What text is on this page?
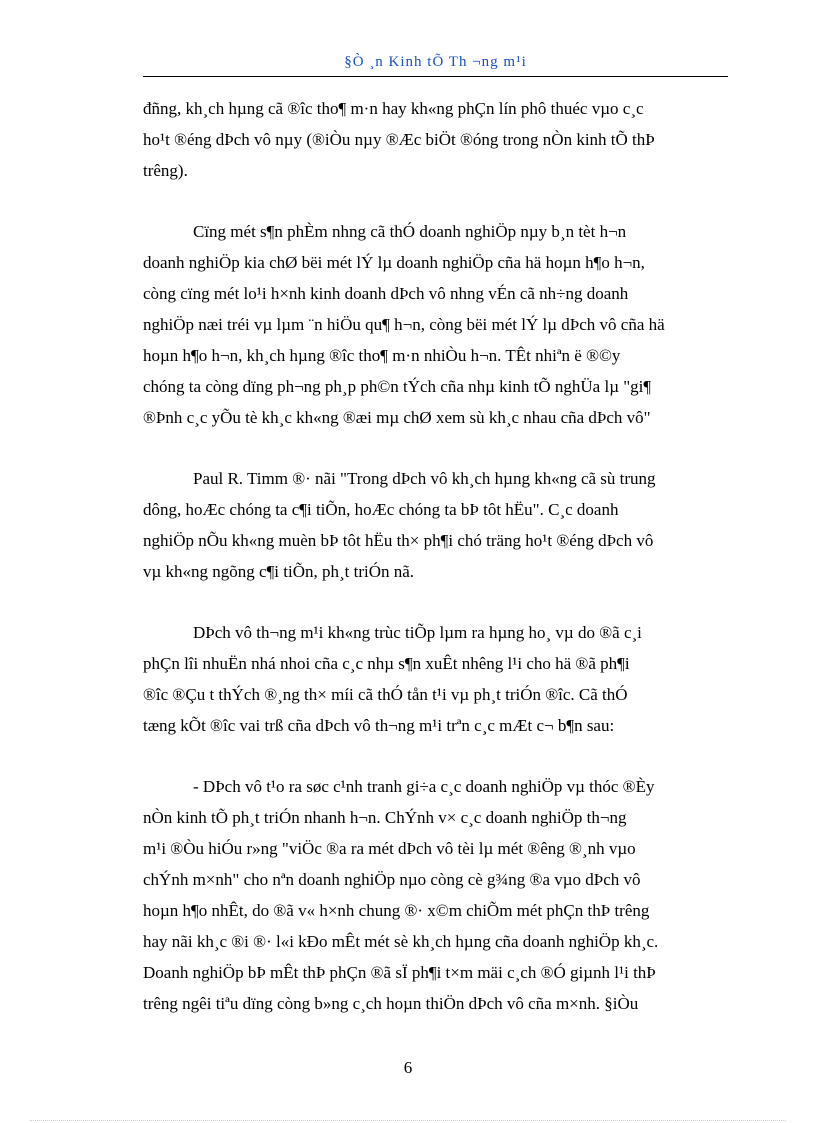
§Ò ¸n Kinh tÕ Th ¬ng m¹i

đñng, kh¸ch hµng cã ®îc tho¶ m·n hay kh«ng phÇn lín phô thuéc vµo c¸c
ho¹t ®éng dÞch vô nµy (®iÒu nµy ®Æc biÖt ®óng trong nÒn kinh tÕ thÞ
trêng).

Cïng mét s¶n phÈm nhng cã thÓ doanh nghiÖp nµy b¸n tèt h¬n
doanh nghiÖp kia chØ bëi mét lÝ lµ doanh nghiÖp cña hä hoµn h¶o h¬n,
còng cïng mét lo¹i h×nh kinh doanh dÞch vô nhng vÉn cã nh÷ng doanh
nghiÖp næi tréi vµ lµm ¨n hiÖu qu¶ h¬n, còng bëi mét lÝ lµ dÞch vô cña hä
hoµn h¶o h¬n, kh¸ch hµng ®îc tho¶ m·n nhiÒu h¬n. TÊt nhiªn ë ®©y
chóng ta còng dïng ph¬ng ph¸p ph©n tÝch cña nhµ kinh tÕ nghÜa lµ "gi¶
®Þnh c¸c yÕu tè kh¸c kh«ng ®æi mµ chØ xem sù kh¸c nhau cña dÞch vô"

Paul R. Timm ®· nãi "Trong dÞch vô kh¸ch hµng kh«ng cã sù trung
dông, hoÆc chóng ta c¶i tiÕn, hoÆc chóng ta bÞ tôt hËu". C¸c doanh
nghiÖp nÕu kh«ng muèn bÞ tôt hËu th× ph¶i chó träng ho¹t ®éng dÞch vô
vµ kh«ng ngõng c¶i tiÕn, ph¸t triÓn nã.

DÞch vô th¬ng m¹i kh«ng trùc tiÕp lµm ra hµng ho¸ vµ do ®ã c¸i
phÇn lîi nhuËn nhá nhoi cña c¸c nhµ s¶n xuÊt nhêng l¹i cho hä ®ã ph¶i
®îc ®Çu t thÝch ®¸ng th× míi cã thÓ tån t¹i vµ ph¸t triÓn ®îc. Cã thÓ
tæng kÕt ®îc vai trß cña dÞch vô th¬ng m¹i trªn c¸c mÆt c¬ b¶n sau:

- DÞch vô t¹o ra søc c¹nh tranh gi÷a c¸c doanh nghiÖp vµ thóc ®Èy
nÒn kinh tÕ ph¸t triÓn nhanh h¬n. ChÝnh v× c¸c doanh nghiÖp th¬ng
m¹i ®Òu hiÓu r»ng "viÖc ®a ra mét dÞch vô tèi lµ mét ®êng ®¸nh vµo
chÝnh m×nh" cho nªn doanh nghiÖp nµo còng cè g¾ng ®a vµo dÞch vô
hoµn h¶o nhÊt, do ®ã v« h×nh chung ®· x©m chiÕm mét phÇn thÞ trêng
hay nãi kh¸c ®i ®· l«i kÐo mÊt mét sè kh¸ch hµng cña doanh nghiÖp kh¸c.
Doanh nghiÖp bÞ mÊt thÞ phÇn ®ã sÏ ph¶i t×m mäi c¸ch ®Ó giµnh l¹i thÞ
trêng ngêi tiªu dïng còng b»ng c¸ch hoµn thiÖn dÞch vô cña m×nh. §iÒu

6
